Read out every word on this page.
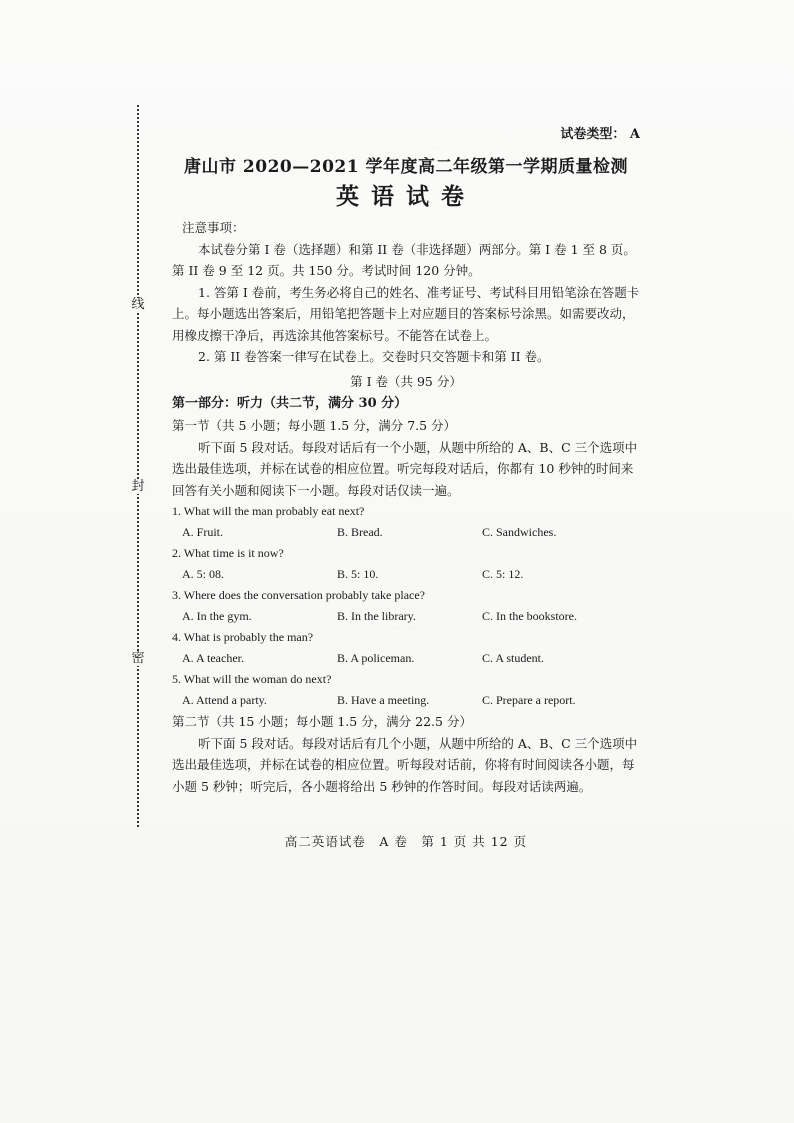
. . . . . .
. . . . . . . .
线
封
密

试卷类型： A

唐山市 2020—2021 学年度高二年级第一学期质量检测

英语试卷

注意事项：

本试卷分第 I 卷（选择题）和第 II 卷（非选择题）两部分。第 I 卷 1 至 8 页。第 II 卷 9 至 12 页。共 150 分。考试时间 120 分钟。

1. 答第 I 卷前，考生务必将自己的姓名、准考证号、考试科目用铅笔涂在答题卡上。每小题选出答案后，用铅笔把答题卡上对应题目的答案标号涂黑。如需要改动，用橡皮擦干净后，再选涂其他答案标号。不能答在试卷上。

2. 第 II 卷答案一律写在试卷上。交卷时只交答题卡和第 II 卷。

第 I 卷（共 95 分）

第一部分：听力（共二节，满分 30 分）

第一节（共 5 小题；每小题 1.5 分，满分 7.5 分）

听下面 5 段对话。每段对话后有一个小题，从题中所给的 A、B、C 三个选项中选出最佳选项，并标在试卷的相应位置。听完每段对话后，你都有 10 秒钟的时间来回答有关小题和阅读下一小题。每段对话仅读一遍。

1. What will the man probably eat next?

A. Fruit.	B. Bread.	C. Sandwiches.

2. What time is it now?

A. 5: 08.	B. 5: 10.	C. 5: 12.

3. Where does the conversation probably take place?

A. In the gym.	B. In the library.	C. In the bookstore.

4. What is probably the man?

A. A teacher.	B. A policeman.	C. A student.

5. What will the woman do next?

A. Attend a party.	B. Have a meeting.	C. Prepare a report.

第二节（共 15 小题；每小题 1.5 分，满分 22.5 分）

听下面 5 段对话。每段对话后有几个小题，从题中所给的 A、B、C 三个选项中选出最佳选项，并标在试卷的相应位置。听每段对话前，你将有时间阅读各小题，每小题 5 秒钟；听完后，各小题将给出 5 秒钟的作答时间。每段对话读两遍。

高二英语试卷　A 卷　第 1 页 共 12 页
